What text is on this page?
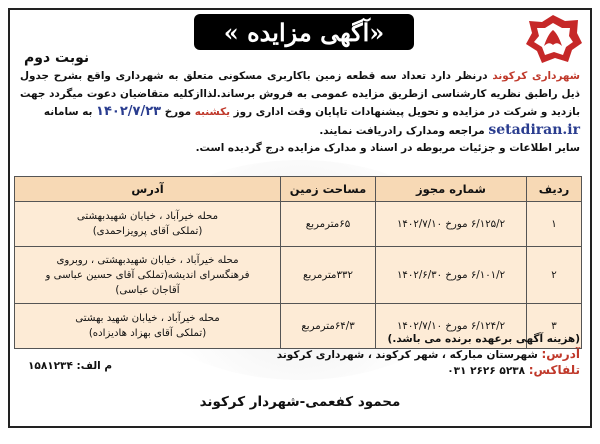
«آگهی مزایده »
نوبت دوم
شهرداری کرکوند درنظر دارد تعداد سه قطعه زمین باکاربری مسکونی متعلق به شهرداری واقع بشرح جدول ذیل راطبق نظریه کارشناسی ازطریق مزایده عمومی به فروش برساند.لذاازکلیه متقاضیان دعوت میگردد جهت بازدید و شرکت در مزایده و تحویل پیشنهادات تاپایان وقت اداری روز یکشنبه مورخ ۱۴۰۲/۷/۲۳ به سامانه
setadiran.ir مراجعه ومدارک رادریافت نمایند.
سایر اطلاعات و جزئیات مربوطه در اسناد و مدارک مزایده درج گردیده است.
ردیف	شماره مجوز	مساحت زمین	آدرس
۱	۶/۱۲۵/۲ مورخ ۱۴۰۲/۷/۱۰	۶۵مترمربع	محله خیرآباد ، خیابان شهیدبهشتی
(تملکی آقای پرویزاحمدی)
۲	۶/۱۰۱/۲ مورخ ۱۴۰۲/۶/۳۰	۳۳۲مترمربع	محله خیرآباد ، خیابان شهیدبهشتی ، روبروی
فرهنگسرای اندیشه(تملکی آقای حسین عباسی و
آقاجان عباسی)
۳	۶/۱۲۴/۲ مورخ ۱۴۰۲/۷/۱۰	۶۴/۳مترمربع	محله خیرآباد ، خیابان شهید بهشتی
(تملکی آقای بهزاد هادیزاده)	(هزینه آگهی برعهده برنده می باشد.)
آدرس: شهرستان مبارکه ، شهر کرکوند ، شهرداری کرکوند
تلفاکس: ۵۲۳۸ ۲۶۲۶ ۰۳۱
م الف: ۱۵۸۱۲۳۴
محمود کفعمی-شهردار کرکوند
